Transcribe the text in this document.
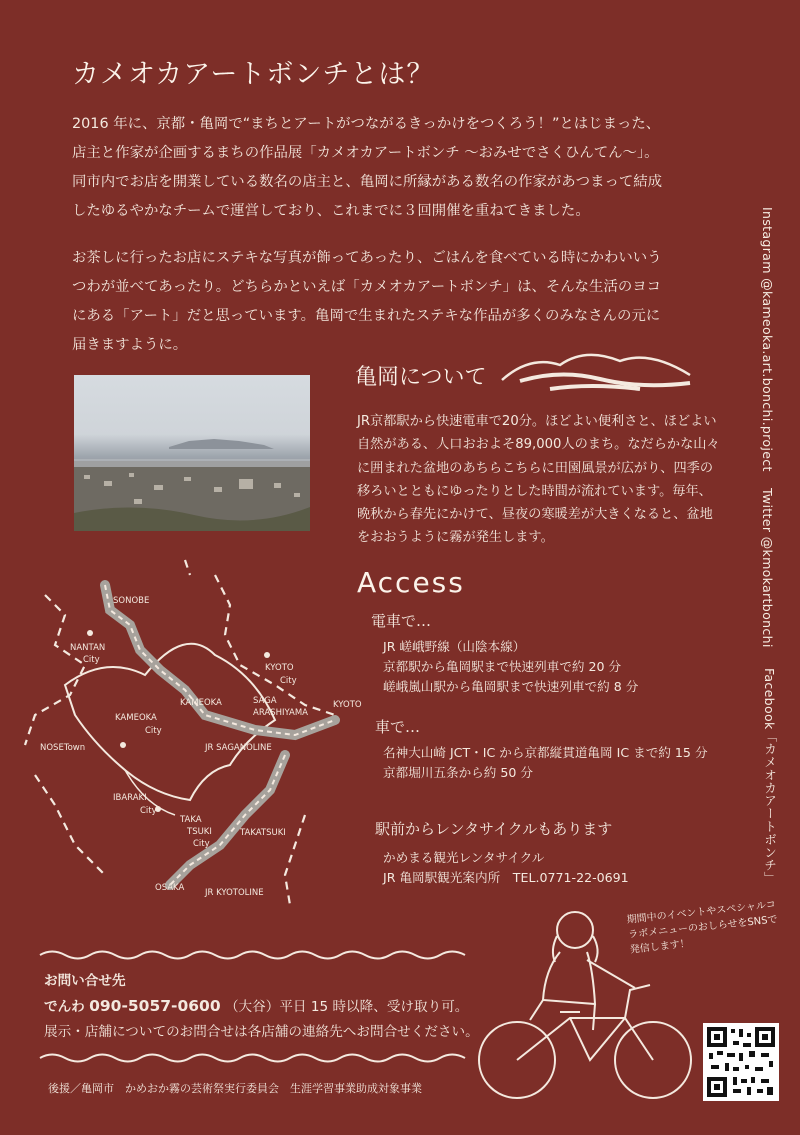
カメオカアートボンチとは？

2016 年に、京都・亀岡で“まちとアートがつながるきっかけをつくろう！”とはじまった、

店主と作家が企画するまちの作品展「カメオカアートボンチ ～おみせでさくひんてん～」。

同市内でお店を開業している数名の店主と、亀岡に所縁がある数名の作家があつまって結成

したゆるやかなチームで運営しており、これまでに３回開催を重ねてきました。

お茶しに行ったお店にステキな写真が飾ってあったり、ごはんを食べている時にかわいいう

つわが並べてあったり。どちらかといえば「カメオカアートボンチ」は、そんな生活のヨコ

にある「アート」だと思っています。亀岡で生まれたステキな作品が多くのみなさんの元に

届きますように。

亀岡について
JR京都駅から快速電車で20分。ほどよい便利さと、ほどよい
自然がある、人口おおよそ89,000人のまち。なだらかな山々
に囲まれた盆地のあちらこちらに田園風景が広がり、四季の
移ろいとともにゆったりとした時間が流れています。毎年、
晩秋から春先にかけて、昼夜の寒暖差が大きくなると、盆地
をおおうように霧が発生します。
Access
電車で…
JR 嵯峨野線（山陰本線）
京都駅から亀岡駅まで快速列車で約 20 分
嵯峨嵐山駅から亀岡駅まで快速列車で約 8 分
車で…
名神大山崎 JCT・IC から京都縦貫道亀岡 IC まで約 15 分
京都堀川五条から約 50 分
駅前からレンタサイクルもあります
かめまる観光レンタサイクル
JR 亀岡駅観光案内所　TEL.0771-22-0691
SONOBE
NANTAN
City
KYOTO
City
KAMEOKA	SAGA
ARASHIYAMA
KYOTO
KAMEOKA
City
JR SAGANOLINE
NOSETown
IBARAKI
City
TAKA
TSUKI
City
TAKATSUKI
OSAKA JR KYOTOLINE
Instagram @kameoka.art.bonchi.project
Twitter @kmokartbonchi
Facebook「カメオカアートボンチ」
期間中のイベントやスペシャルコラボメニューのおしらせをSNSで発信します！
お問い合せ先
でんわ 090-5057-0600 （大谷）平日 15 時以降、受け取り可。
展示・店舗についてのお問合せは各店舗の連絡先へお問合せください。
後援／亀岡市　かめおか霧の芸術祭実行委員会　生涯学習事業助成対象事業
